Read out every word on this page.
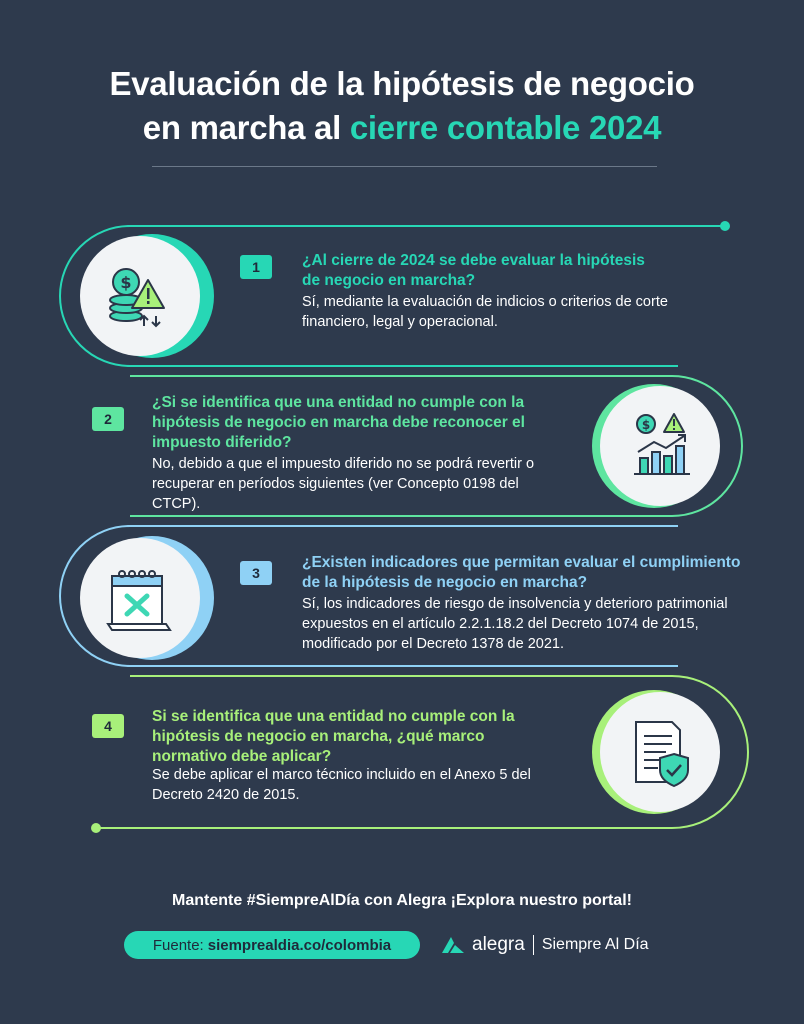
Evaluación de la hipótesis de negocio
en marcha al cierre contable 2024
$
1	¿Al cierre de 2024 se debe evaluar la hipótesis de negocio en marcha?
Sí, mediante la evaluación de indicios o criterios de corte financiero, legal y operacional.
$
2
¿Si se identifica que una entidad no cumple con la hipótesis de negocio en marcha debe reconocer el impuesto diferido?
No, debido a que el impuesto diferido no se podrá revertir o recuperar en períodos siguientes (ver Concepto 0198 del CTCP).
3
¿Existen indicadores que permitan evaluar el cumplimiento de la hipótesis de negocio en marcha?
Sí, los indicadores de riesgo de insolvencia y deterioro patrimonial expuestos en el artículo 2.2.1.18.2 del Decreto 1074 de 2015, modificado por el Decreto 1378 de 2021.
4
Si se identifica que una entidad no cumple con la hipótesis de negocio en marcha, ¿qué marco normativo debe aplicar?
Se debe aplicar el marco técnico incluido en el Anexo 5 del Decreto 2420 de 2015.
Mantente #SiempreAlDía con Alegra ¡Explora nuestro portal!
Fuente: siemprealdia.co/colombia	alegra Siempre Al Día
